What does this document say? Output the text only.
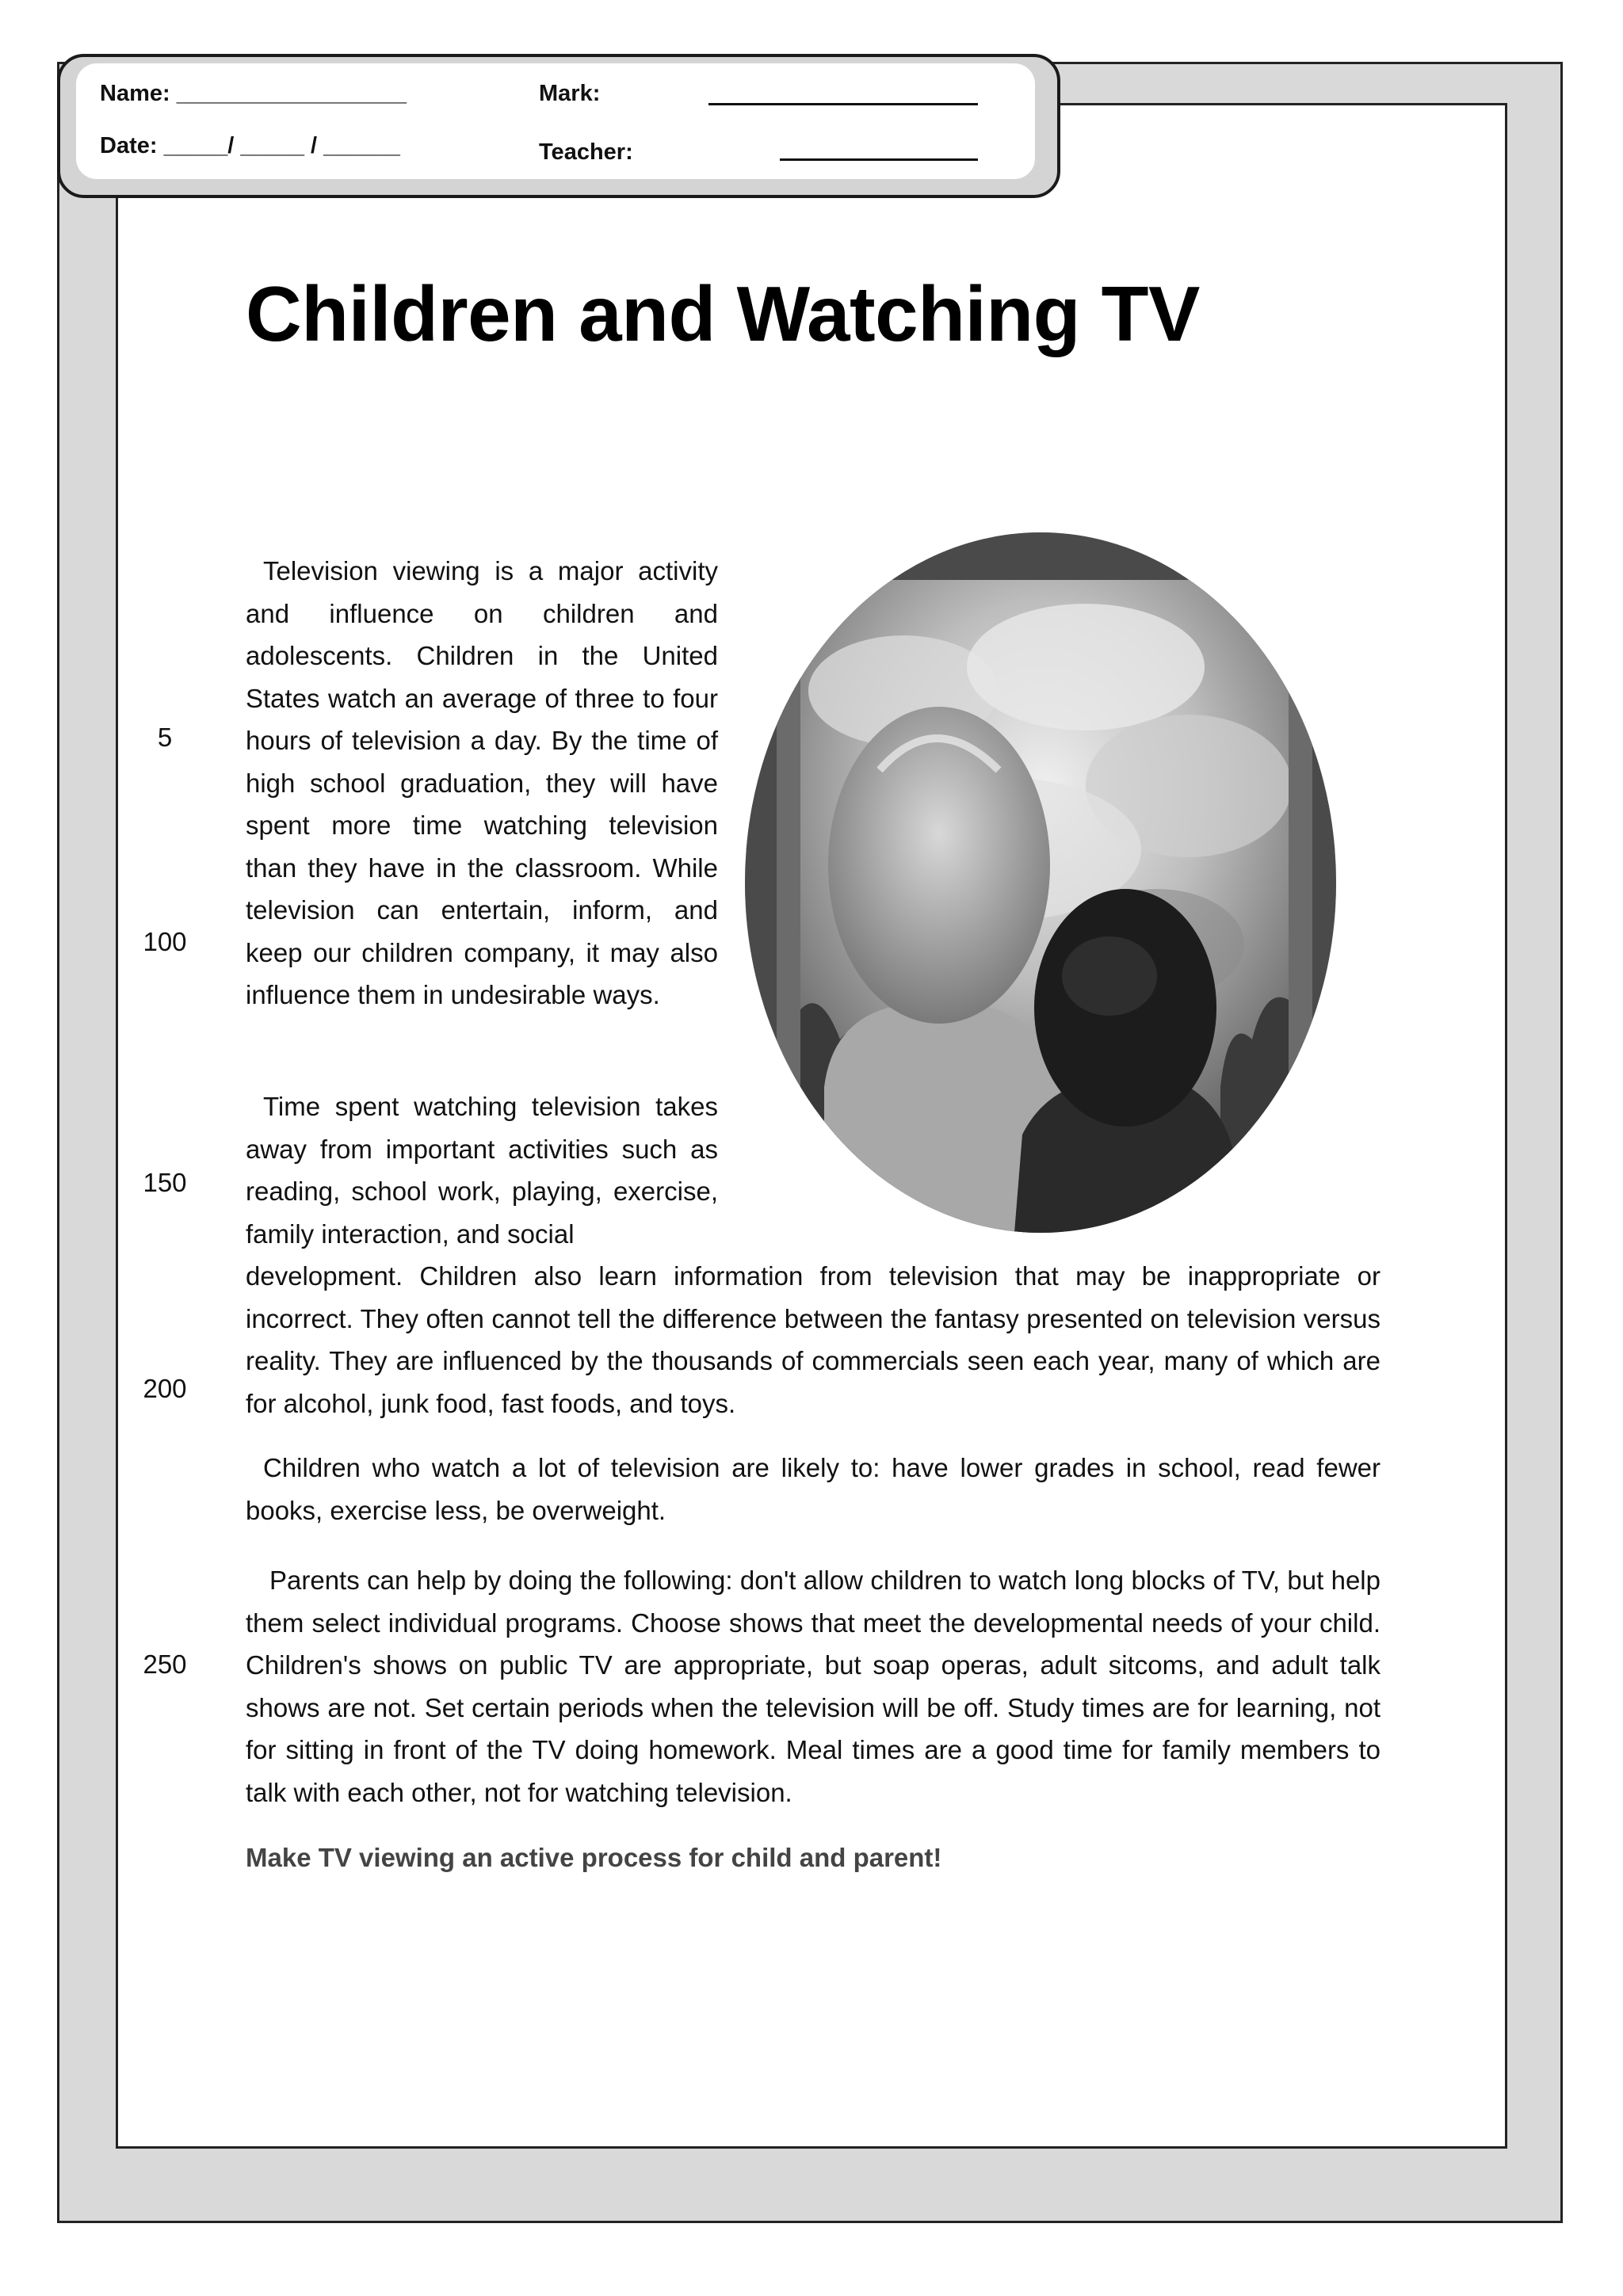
Name: __________________
Date: _____/ _____ / ______
Mark:
Teacher:
Children and Watching TV
5
100
150
200
250

Television viewing is a major activity and influence on children and adolescents. Children in the United States watch an average of three to four hours of television a day. By the time of high school graduation, they will have spent more time watching television than they have in the classroom. While television can entertain, inform, and keep our children company, it may also influence them in undesirable ways.

Time spent watching television takes away from important activities such as reading, school work, playing, exercise, family interaction, and social

development. Children also learn information from television that may be inappropriate or incorrect. They often cannot tell the difference between the fantasy presented on television versus reality. They are influenced by the thousands of commercials seen each year, many of which are for alcohol, junk food, fast foods, and toys.

Children who watch a lot of television are likely to: have lower grades in school, read fewer books, exercise less, be overweight.

Parents can help by doing the following: don't allow children to watch long blocks of TV, but help them select individual programs. Choose shows that meet the developmental needs of your child. Children's shows on public TV are appropriate, but soap operas, adult sitcoms, and adult talk shows are not. Set certain periods when the television will be off. Study times are for learning, not for sitting in front of the TV doing homework. Meal times are a good time for family members to talk with each other, not for watching television.

Make TV viewing an active process for child and parent!
